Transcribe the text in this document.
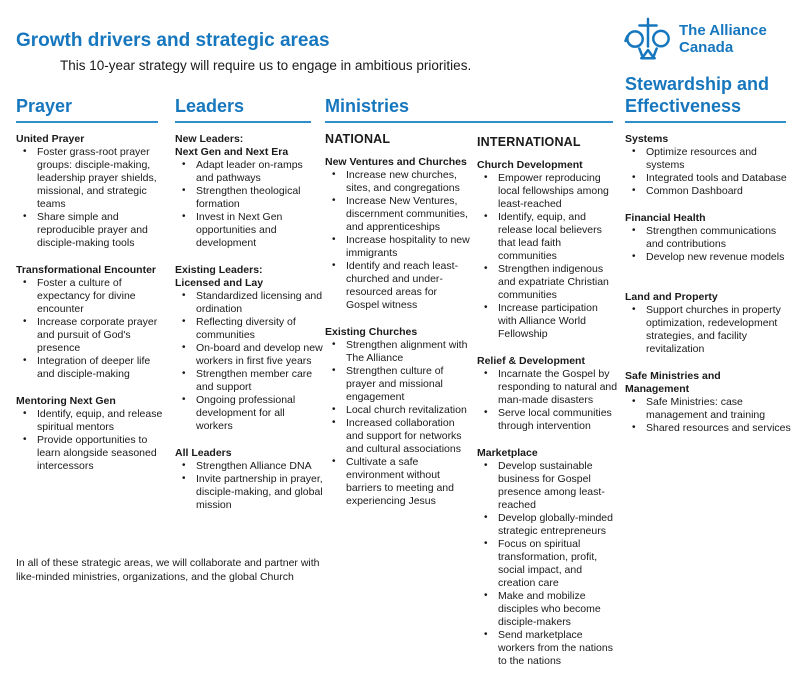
Growth drivers and strategic areas
This 10-year strategy will require us to engage in ambitious priorities.
The Alliance
Canada
Prayer	Leaders	Ministries
Stewardship and Effectiveness
United Prayer
• Foster grass-root prayer groups: disciple-making, leadership prayer shields, missional, and strategic teams
• Share simple and reproducible prayer and disciple-making tools
Transformational Encounter
• Foster a culture of expectancy for divine encounter
• Increase corporate prayer and pursuit of God's presence
• Integration of deeper life and disciple-making
Mentoring Next Gen
• Identify, equip, and release spiritual mentors
• Provide opportunities to learn alongside seasoned intercessors
New Leaders:
Next Gen and Next Era
• Adapt leader on-ramps and pathways
• Strengthen theological formation
• Invest in Next Gen opportunities and development
Existing Leaders:
Licensed and Lay
• Standardized licensing and ordination
• Reflecting diversity of communities
• On-board and develop new workers in first five years
• Strengthen member care and support
• Ongoing professional development for all workers
All Leaders
• Strengthen Alliance DNA
• Invite partnership in prayer, disciple-making, and global mission
NATIONAL
New Ventures and Churches
• Increase new churches, sites, and congregations
• Increase New Ventures, discernment communities, and apprenticeships
• Increase hospitality to new immigrants
• Identify and reach least-churched and under-resourced areas for Gospel witness
Existing Churches
• Strengthen alignment with The Alliance
• Strengthen culture of prayer and missional engagement
• Local church revitalization
• Increased collaboration and support for networks and cultural associations
• Cultivate a safe environment without barriers to meeting and experiencing Jesus
INTERNATIONAL
Church Development
• Empower reproducing local fellowships among least-reached
• Identify, equip, and release local believers that lead faith communities
• Strengthen indigenous and expatriate Christian communities
• Increase participation with Alliance World Fellowship
Relief & Development
• Incarnate the Gospel by responding to natural and man-made disasters
• Serve local communities through intervention
Marketplace
• Develop sustainable business for Gospel presence among least-reached
• Develop globally-minded strategic entrepreneurs
• Focus on spiritual transformation, profit, social impact, and creation care
• Make and mobilize disciples who become disciple-makers
• Send marketplace workers from the nations to the nations
Systems
• Optimize resources and systems
• Integrated tools and Database
• Common Dashboard
Financial Health
• Strengthen communications and contributions
• Develop new revenue models
Land and Property
• Support churches in property optimization, redevelopment strategies, and facility revitalization
Safe Ministries and
Management
• Safe Ministries: case management and training
• Shared resources and services
In all of these strategic areas, we will collaborate and partner with
like-minded ministries, organizations, and the global Church
